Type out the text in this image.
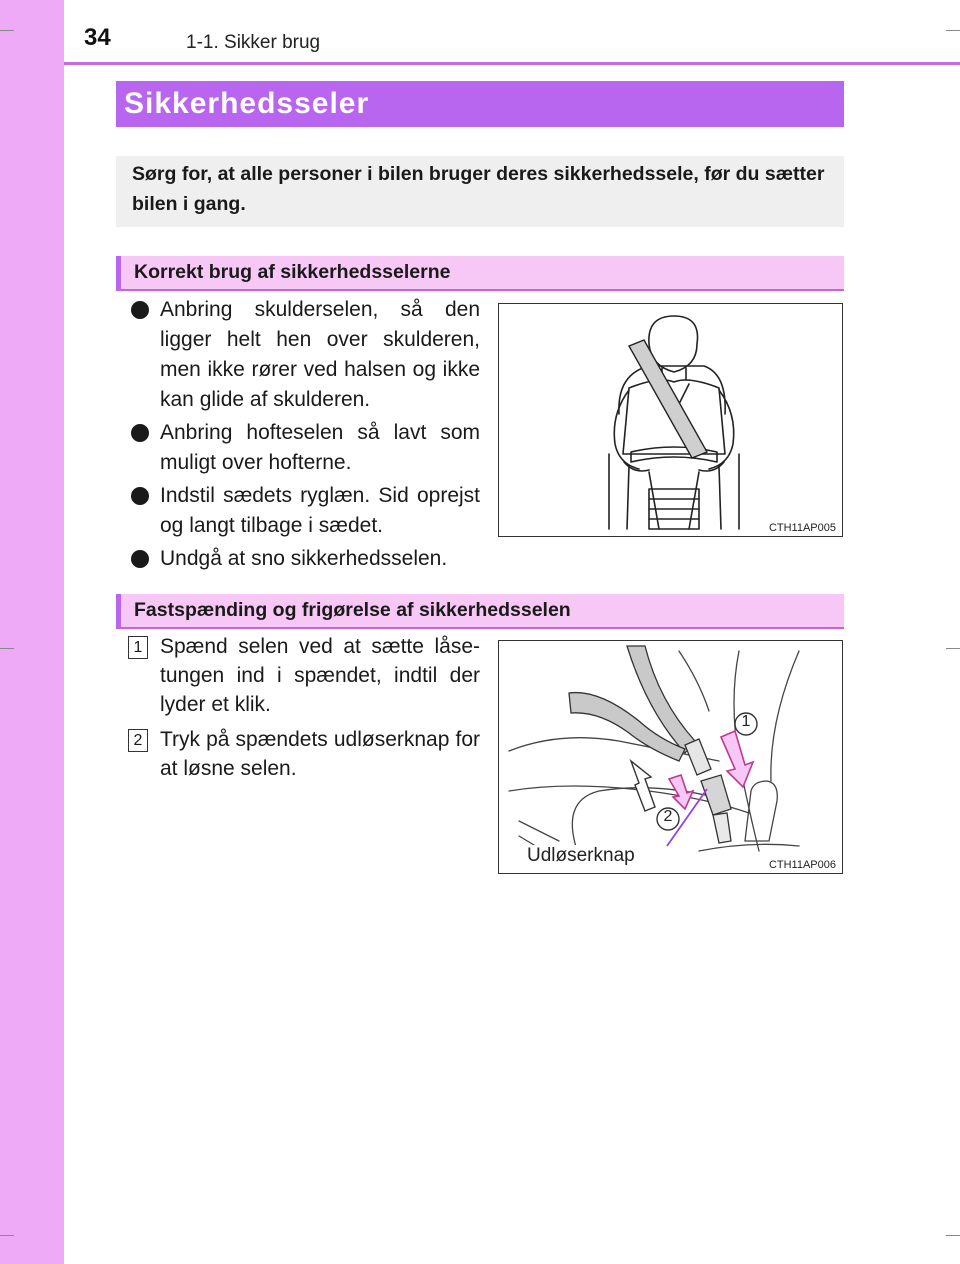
34	1-1. Sikker brug
Sikkerhedsseler
Sørg for, at alle personer i bilen bruger deres sikkerhedssele, før du sætter bilen i gang.
Korrekt brug af sikkerhedsselerne
Anbring skulderselen, så den ligger helt hen over skulderen, men ikke rører ved halsen og ikke kan glide af skulderen.
Anbring hofteselen så lavt som muligt over hofterne.
Indstil sædets ryglæn. Sid oprejst og langt tilbage i sædet.
Undgå at sno sikkerhedsselen.
CTH11AP005
Fastspænding og frigørelse af sikkerhedsselen
1 Spænd selen ved at sætte låse-tungen ind i spændet, indtil der lyder et klik.
2 Tryk på spændets udløserknap for at løsne selen.
1
2
Udløserknap	CTH11AP006
